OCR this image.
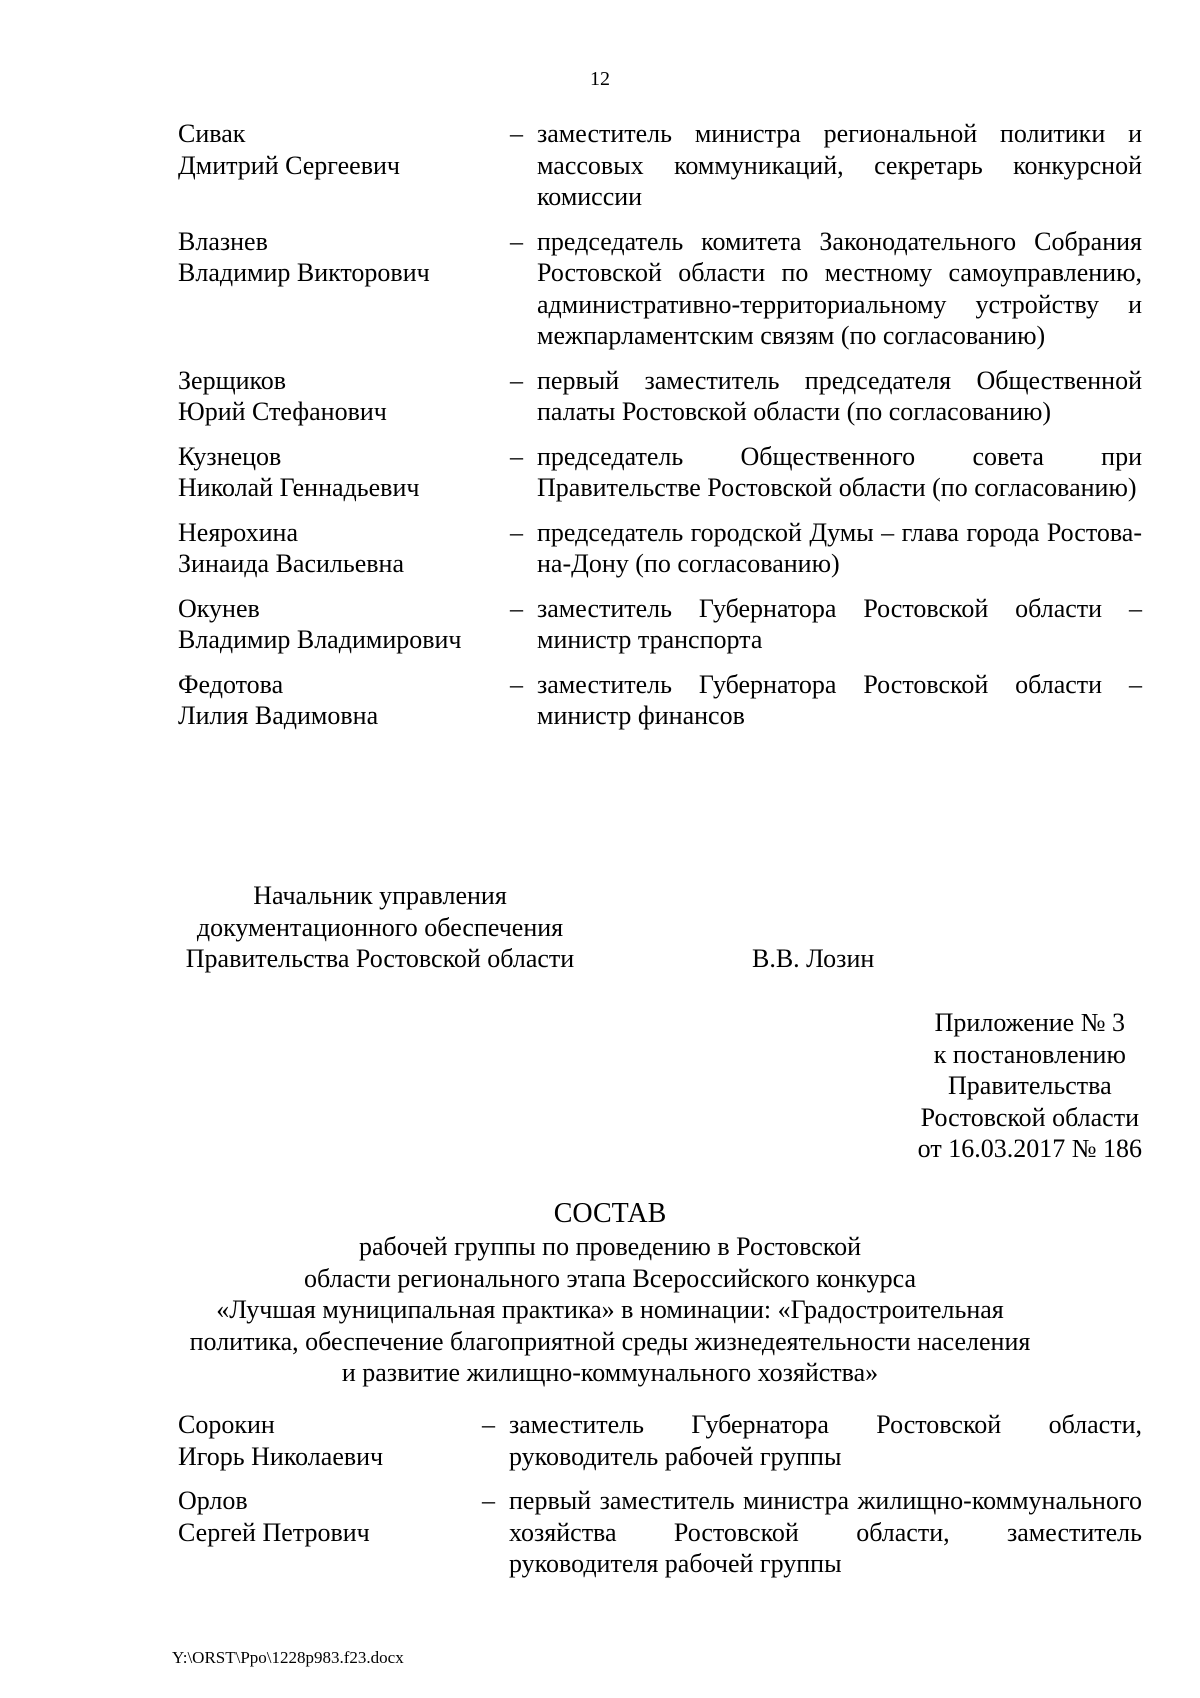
12
Сивак
Дмитрий Сергеевич
– заместитель министра региональной политики и массовых коммуникаций, секретарь конкурсной комиссии
Влазнев
Владимир Викторович
– председатель комитета Законодательного Собрания Ростовской области по местному самоуправлению, административно-территориальному устройству и межпарламентским связям (по согласованию)
Зерщиков
Юрий Стефанович
– первый заместитель председателя Общественной палаты Ростовской области (по согласованию)
Кузнецов
Николай Геннадьевич
– председатель Общественного совета при Правительстве Ростовской области (по согласованию)
Неярохина
Зинаида Васильевна
– председатель городской Думы – глава города Ростова-на-Дону (по согласованию)
Окунев
Владимир Владимирович
– заместитель Губернатора Ростовской области – министр транспорта
Федотова
Лилия Вадимовна
– заместитель Губернатора Ростовской области – министр финансов
Начальник управления
документационного обеспечения
Правительства Ростовской области	В.В. Лозин
Приложение № 3
к постановлению
Правительства
Ростовской области
от 16.03.2017 № 186
СОСТАВ
рабочей группы по проведению в Ростовской
области регионального этапа Всероссийского конкурса
«Лучшая муниципальная практика» в номинации: «Градостроительная
политика, обеспечение благоприятной среды жизнедеятельности населения
и развитие жилищно-коммунального хозяйства»
Сорокин
Игорь Николаевич
– заместитель Губернатора Ростовской области, руководитель рабочей группы
Орлов
Сергей Петрович
– первый заместитель министра жилищно-коммунального хозяйства Ростовской области, заместитель руководителя рабочей группы
Y:\ORST\Ppo\1228p983.f23.docx
